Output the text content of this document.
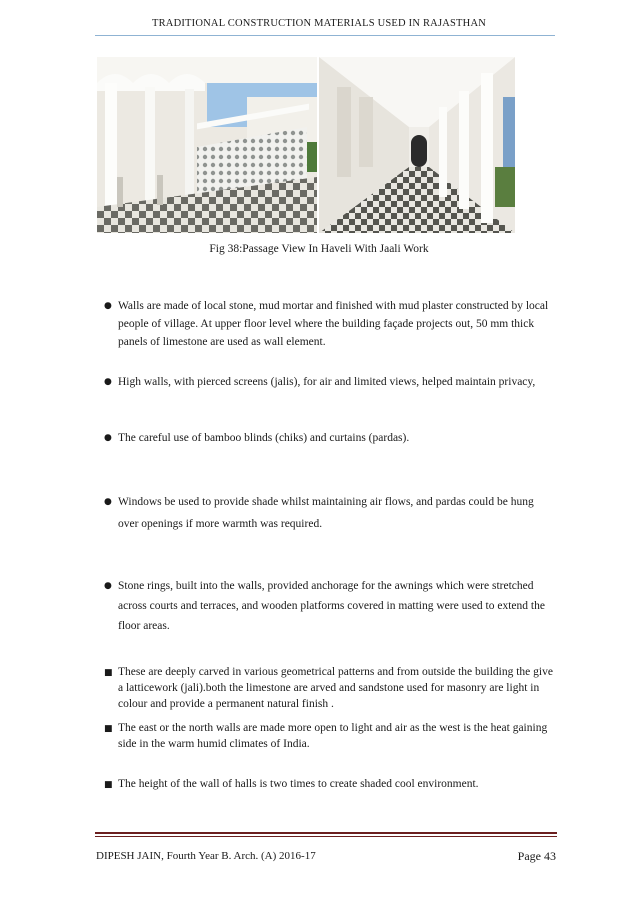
TRADITIONAL CONSTRUCTION MATERIALS USED IN RAJASTHAN
Fig 38:Passage View In Haveli With Jaali Work
● Walls are made of local stone, mud mortar and finished with mud plaster constructed by local people of village. At upper floor level where the building façade projects out, 50 mm thick panels of limestone are used as wall element.
● High walls, with pierced screens (jalis), for air and limited views, helped maintain privacy,
● The careful use of bamboo blinds (chiks) and curtains (pardas).
● Windows be used to provide shade whilst maintaining air flows, and pardas could be hung over openings if more warmth was required.
● Stone rings, built into the walls, provided anchorage for the awnings which were stretched across courts and terraces, and wooden platforms covered in matting were used to extend the floor areas.
■ These are deeply carved in various geometrical patterns and from outside the building the give a latticework (jali).both the limestone are arved and sandstone used for masonry are light in colour and provide a permanent natural finish .
■ The east or the north walls are made more open to light and air as the west is the heat gaining side in the warm humid climates of India.
■ The height of the wall of halls is two times to create shaded cool environment.
DIPESH JAIN, Fourth Year B. Arch. (A) 2016-17	Page 43
